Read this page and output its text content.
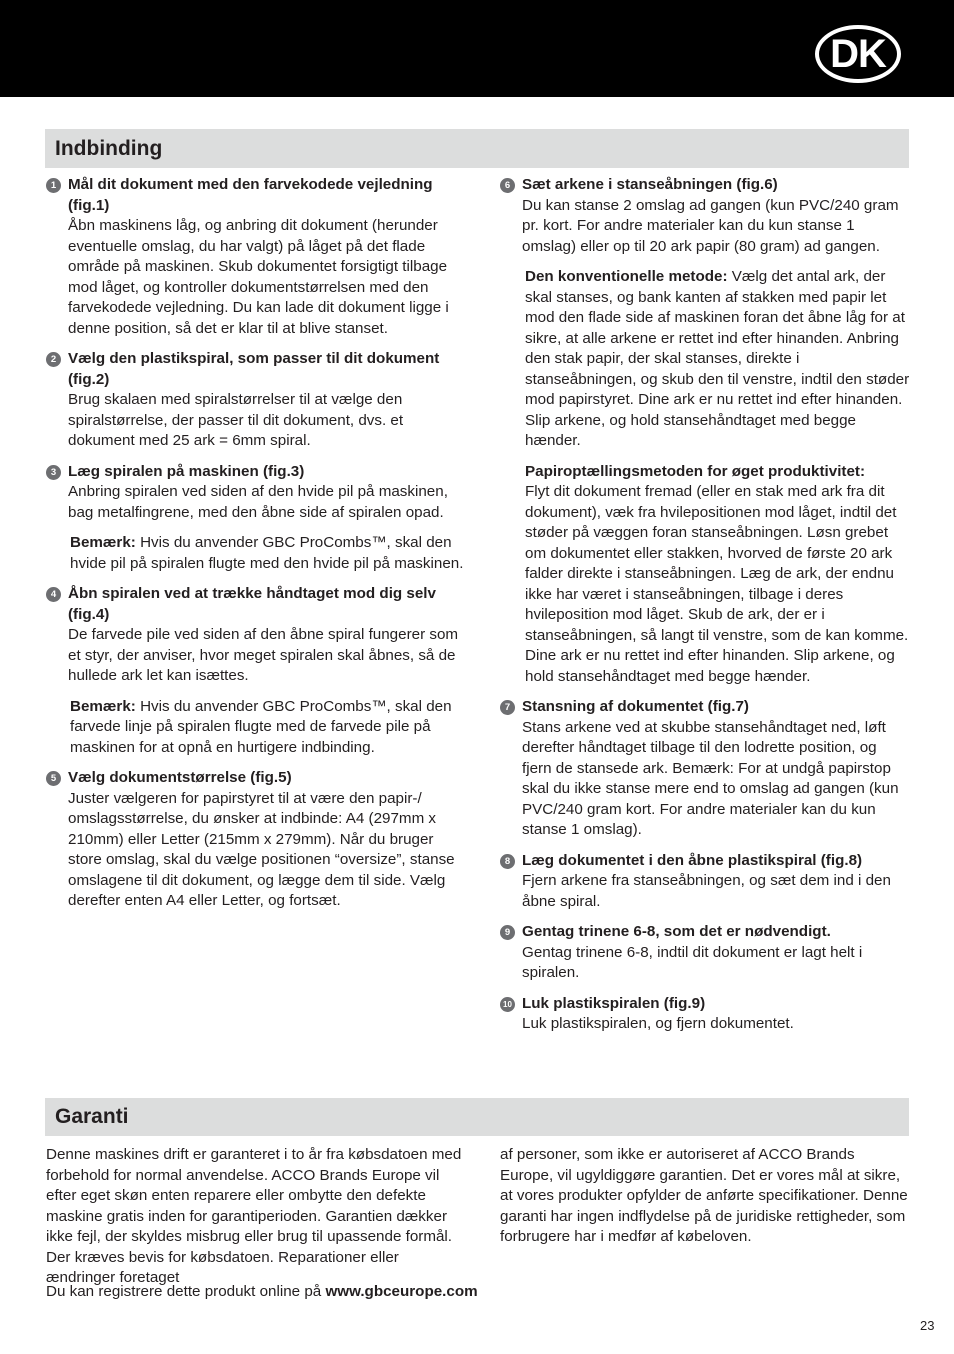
DK
Indbinding
1 Mål dit dokument med den farvekodede vejledning (fig.1)
Åbn maskinens låg, og anbring dit dokument (herunder eventuelle omslag, du har valgt) på låget på det flade område på maskinen. Skub dokumentet forsigtigt tilbage mod låget, og kontroller dokumentstørrelsen med den farvekodede vejledning. Du kan lade dit dokument ligge i denne position, så det er klar til at blive stanset.
2 Vælg den plastikspiral, som passer til dit dokument (fig.2)
Brug skalaen med spiralstørrelser til at vælge den spiralstørrelse, der passer til dit dokument, dvs. et dokument med 25 ark = 6mm spiral.
3 Læg spiralen på maskinen (fig.3)
Anbring spiralen ved siden af den hvide pil på maskinen, bag metalfingrene, med den åbne side af spiralen opad.
Bemærk: Hvis du anvender GBC ProCombs™, skal den hvide pil på spiralen flugte med den hvide pil på maskinen.
4 Åbn spiralen ved at trække håndtaget mod dig selv (fig.4)
De farvede pile ved siden af den åbne spiral fungerer som et styr, der anviser, hvor meget spiralen skal åbnes, så de hullede ark let kan isættes.
Bemærk: Hvis du anvender GBC ProCombs™, skal den farvede linje på spiralen flugte med de farvede pile på maskinen for at opnå en hurtigere indbinding.
5 Vælg dokumentstørrelse (fig.5)
Juster vælgeren for papirstyret til at være den papir-/ omslagsstørrelse, du ønsker at indbinde: A4 (297mm x 210mm) eller Letter (215mm x 279mm). Når du bruger store omslag, skal du vælge positionen “oversize”, stanse omslagene til dit dokument, og lægge dem til side. Vælg derefter enten A4 eller Letter, og fortsæt.
6 Sæt arkene i stanseåbningen (fig.6)
Du kan stanse 2 omslag ad gangen (kun PVC/240 gram pr. kort. For andre materialer kan du kun stanse 1 omslag) eller op til 20 ark papir (80 gram) ad gangen.
Den konventionelle metode: Vælg det antal ark, der skal stanses, og bank kanten af stakken med papir let mod den flade side af maskinen foran det åbne låg for at sikre, at alle arkene er rettet ind efter hinanden. Anbring den stak papir, der skal stanses, direkte i stanseåbningen, og skub den til venstre, indtil den støder mod papirstyret. Dine ark er nu rettet ind efter hinanden. Slip arkene, og hold stansehåndtaget med begge hænder.
Papiroptællingsmetoden for øget produktivitet:
Flyt dit dokument fremad (eller en stak med ark fra dit dokument), væk fra hvilepositionen mod låget, indtil det støder på væggen foran stanseåbningen. Løsn grebet om dokumentet eller stakken, hvorved de første 20 ark falder direkte i stanseåbningen. Læg de ark, der endnu ikke har været i stanseåbningen, tilbage i deres hvileposition mod låget. Skub de ark, der er i stanseåbningen, så langt til venstre, som de kan komme. Dine ark er nu rettet ind efter hinanden. Slip arkene, og hold stansehåndtaget med begge hænder.
7 Stansning af dokumentet (fig.7)
Stans arkene ved at skubbe stansehåndtaget ned, løft derefter håndtaget tilbage til den lodrette position, og fjern de stansede ark. Bemærk: For at undgå papirstop skal du ikke stanse mere end to omslag ad gangen (kun PVC/240 gram kort. For andre materialer kan du kun stanse 1 omslag).
8 Læg dokumentet i den åbne plastikspiral (fig.8)
Fjern arkene fra stanseåbningen, og sæt dem ind i den åbne spiral.
9 Gentag trinene 6-8, som det er nødvendigt.
Gentag trinene 6-8, indtil dit dokument er lagt helt i spiralen.
10 Luk plastikspiralen (fig.9)
Luk plastikspiralen, og fjern dokumentet.
Garanti
Denne maskines drift er garanteret i to år fra købsdatoen med forbehold for normal anvendelse. ACCO Brands Europe vil efter eget skøn enten reparere eller ombytte den defekte maskine gratis inden for garantiperioden. Garantien dækker ikke fejl, der skyldes misbrug eller brug til upassende formål. Der kræves bevis for købsdatoen. Reparationer eller ændringer foretaget
af personer, som ikke er autoriseret af ACCO Brands Europe, vil ugyldiggøre garantien. Det er vores mål at sikre, at vores produkter opfylder de anførte specifikationer. Denne garanti har ingen indflydelse på de juridiske rettigheder, som forbrugere har i medfør af købeloven.
Du kan registrere dette produkt online på www.gbceurope.com
23
